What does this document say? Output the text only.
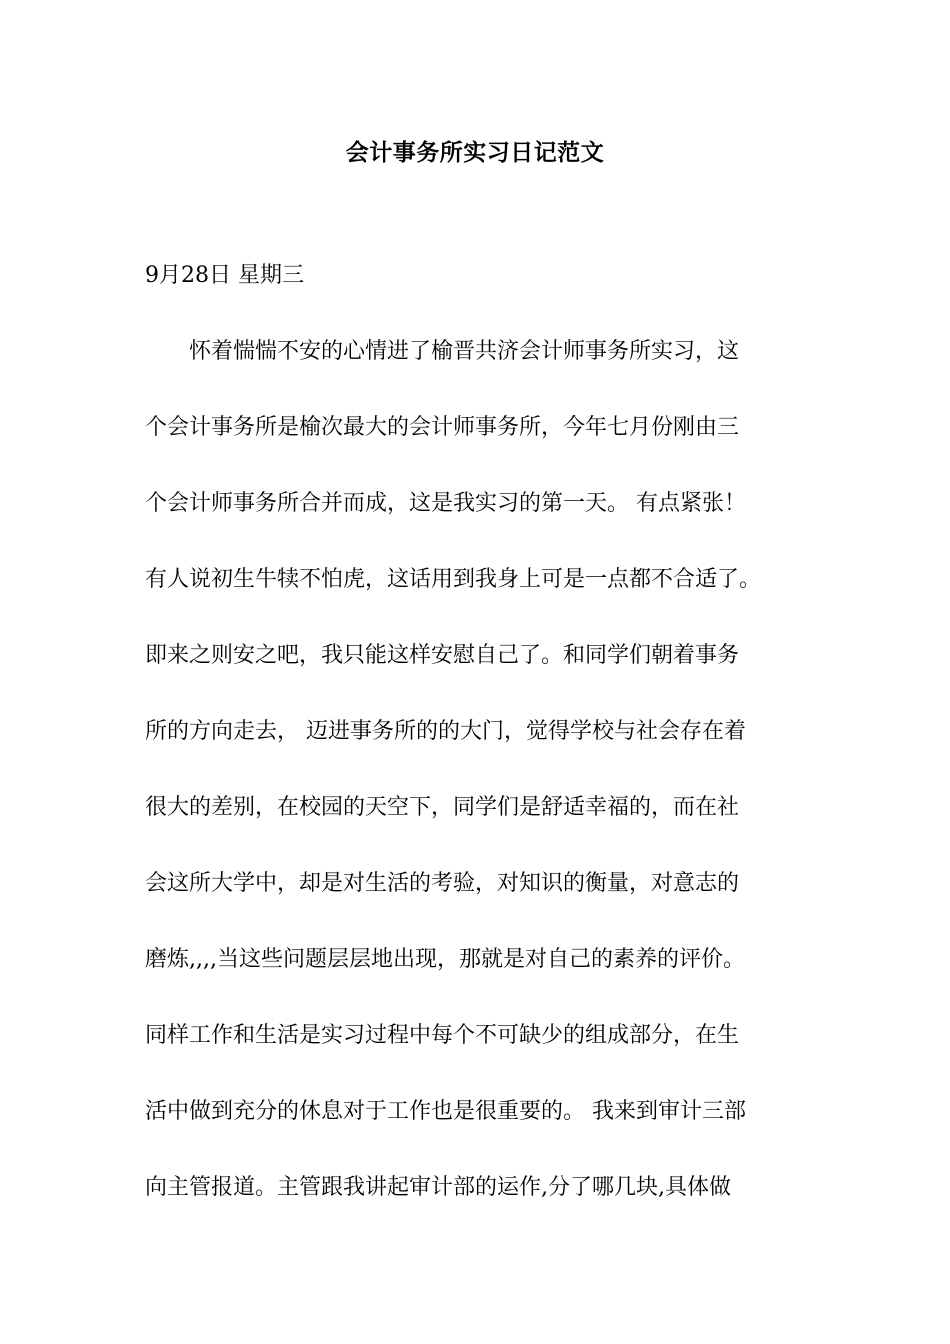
会计事务所实习日记范文
9月28日 星期三
　　怀着惴惴不安的心情进了榆晋共济会计师事务所实习，这
个会计事务所是榆次最大的会计师事务所，今年七月份刚由三
个会计师事务所合并而成，这是我实习的第一天。 有点紧张！
有人说初生牛犊不怕虎，这话用到我身上可是一点都不合适了。
即来之则安之吧，我只能这样安慰自己了。和同学们朝着事务
所的方向走去， 迈进事务所的的大门，觉得学校与社会存在着
很大的差别，在校园的天空下，同学们是舒适幸福的，而在社
会这所大学中，却是对生活的考验，对知识的衡量，对意志的
磨炼,,,,当这些问题层层地出现，那就是对自己的素养的评价。
同样工作和生活是实习过程中每个不可缺少的组成部分，在生
活中做到充分的休息对于工作也是很重要的。 我来到审计三部
向主管报道。主管跟我讲起审计部的运作,分了哪几块,具体做
